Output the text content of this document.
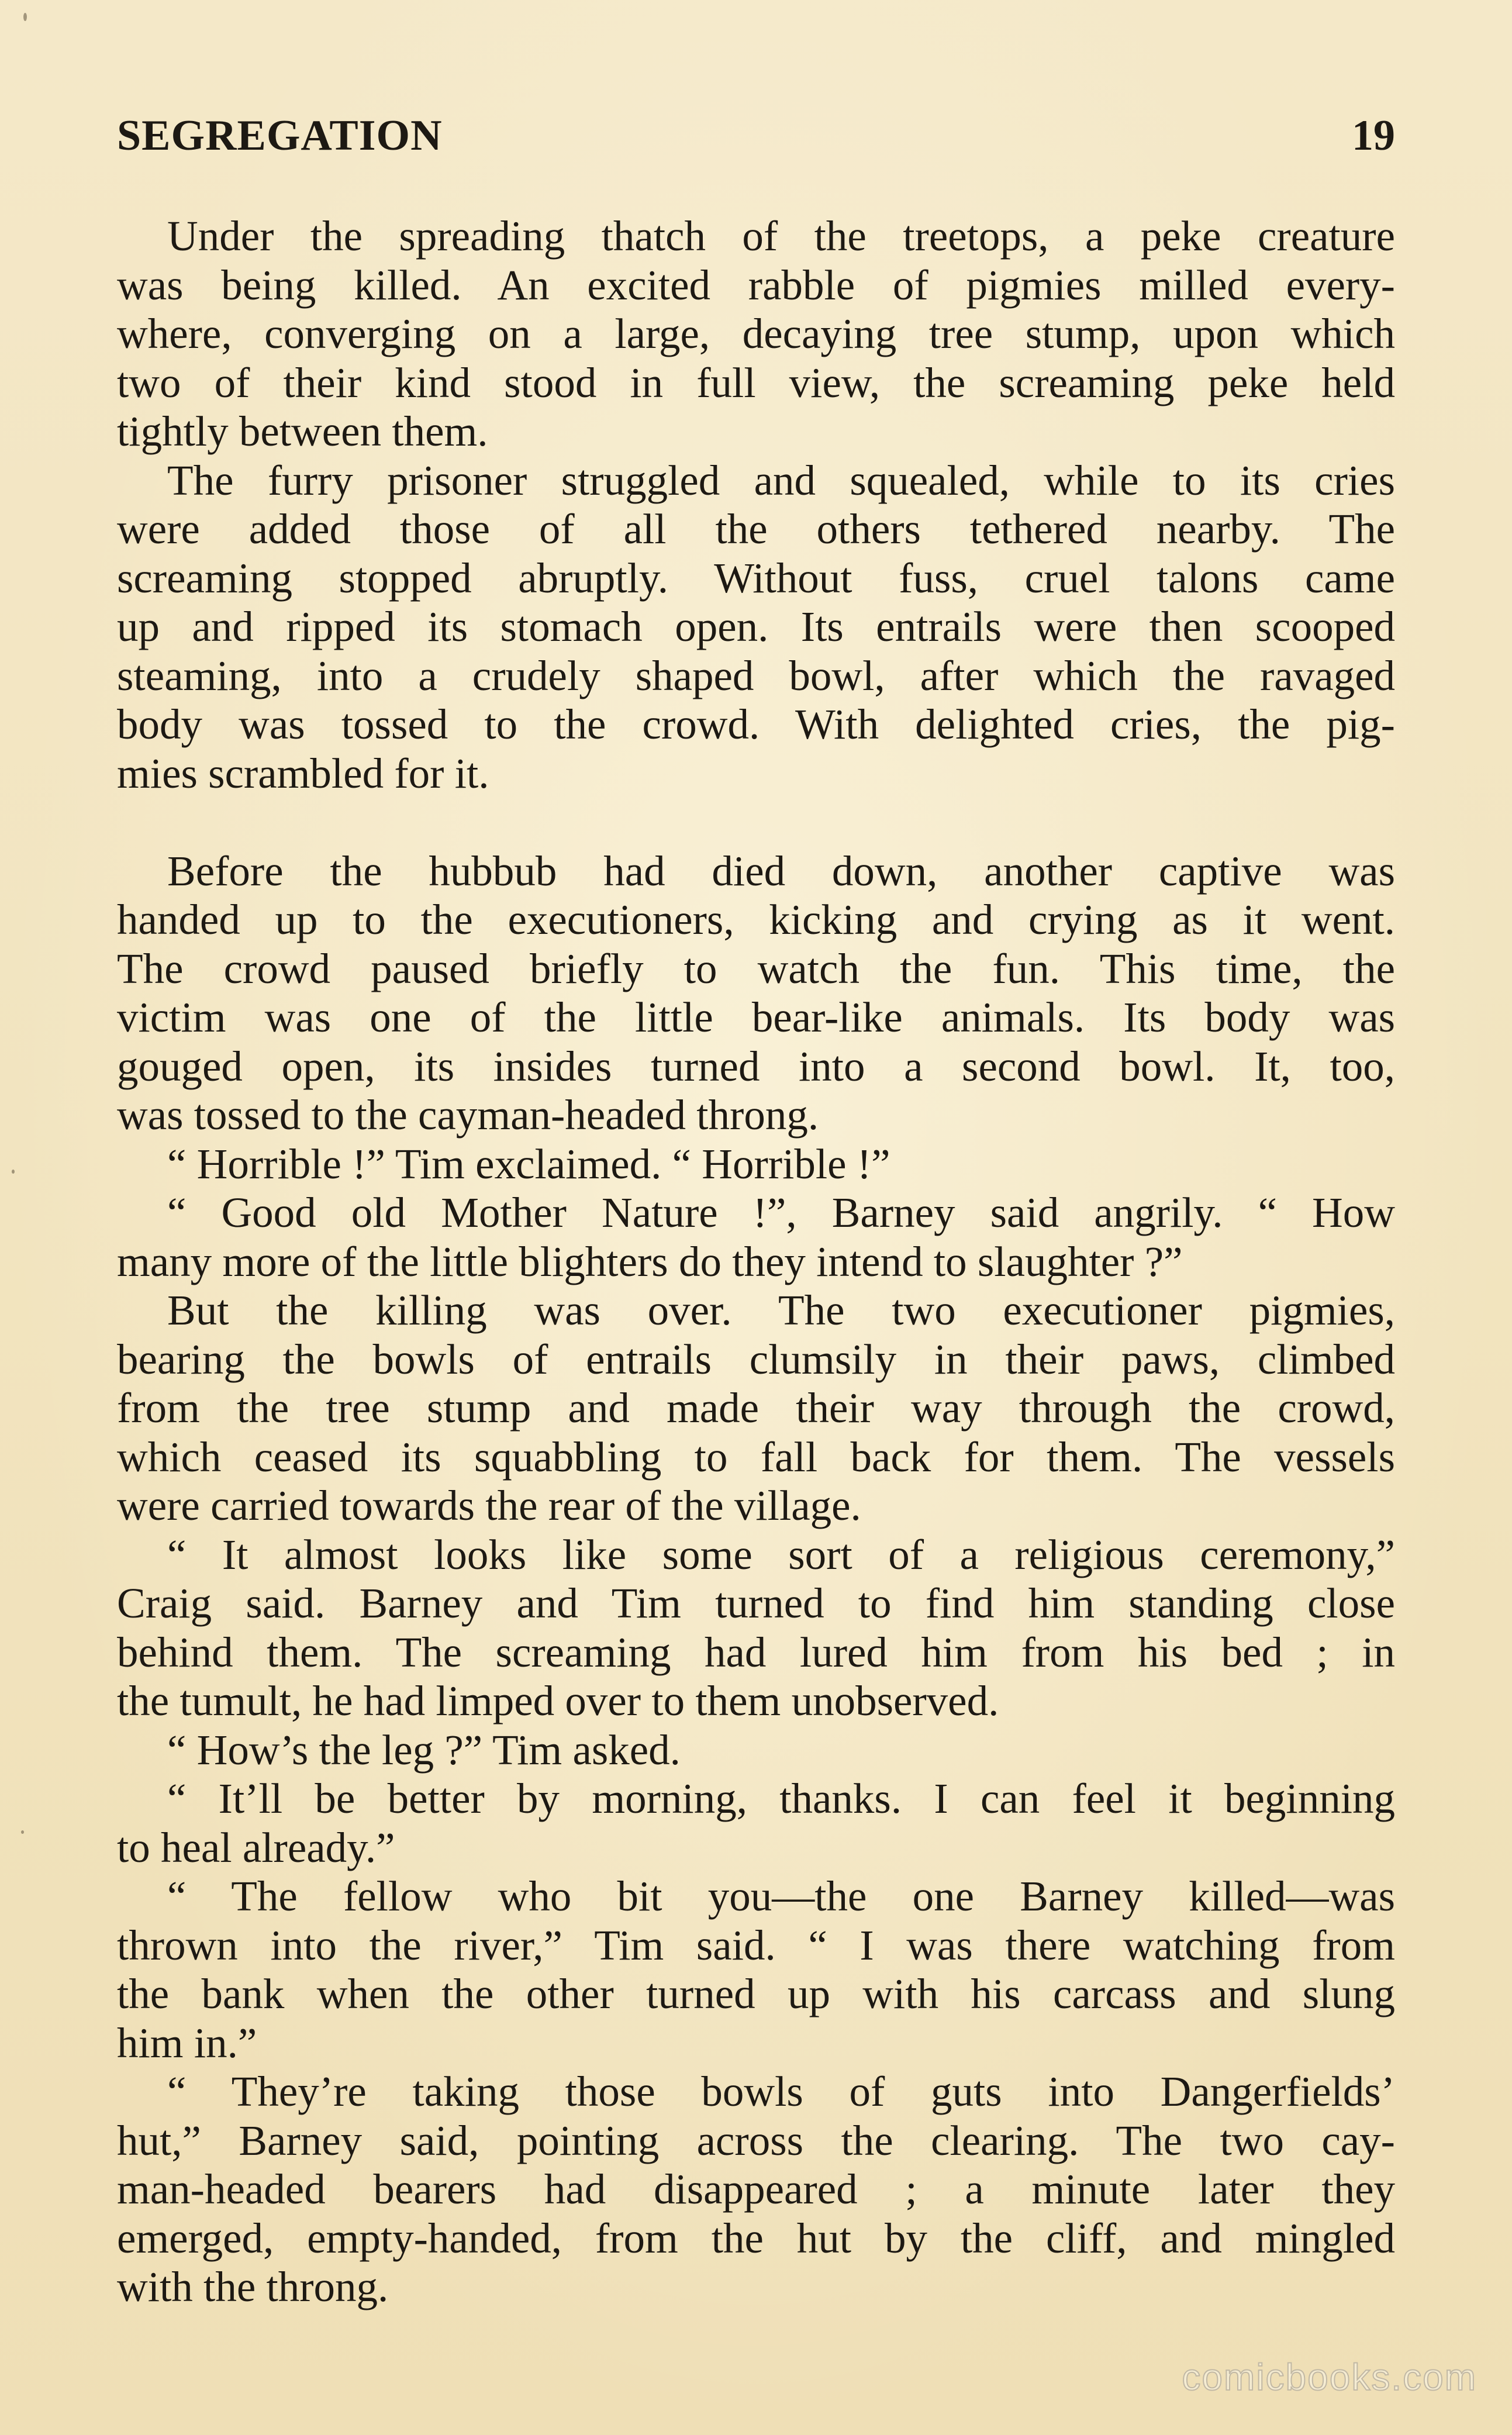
SEGREGATION	19
Under the spreading thatch of the treetops, a peke creature
was being killed. An excited rabble of pigmies milled every-
where, converging on a large, decaying tree stump, upon which
two of their kind stood in full view, the screaming peke held
tightly between them.
The furry prisoner struggled and squealed, while to its cries
were added those of all the others tethered nearby. The
screaming stopped abruptly. Without fuss, cruel talons came
up and ripped its stomach open. Its entrails were then scooped
steaming, into a crudely shaped bowl, after which the ravaged
body was tossed to the crowd. With delighted cries, the pig-
mies scrambled for it.
Before the hubbub had died down, another captive was
handed up to the executioners, kicking and crying as it went.
The crowd paused briefly to watch the fun. This time, the
victim was one of the little bear-like animals. Its body was
gouged open, its insides turned into a second bowl. It, too,
was tossed to the cayman-headed throng.
“ Horrible !” Tim exclaimed. “ Horrible !”
“ Good old Mother Nature !”, Barney said angrily. “ How
many more of the little blighters do they intend to slaughter ?”
But the killing was over. The two executioner pigmies,
bearing the bowls of entrails clumsily in their paws, climbed
from the tree stump and made their way through the crowd,
which ceased its squabbling to fall back for them. The vessels
were carried towards the rear of the village.
“ It almost looks like some sort of a religious ceremony,”
Craig said. Barney and Tim turned to find him standing close
behind them. The screaming had lured him from his bed ; in
the tumult, he had limped over to them unobserved.
“ How’s the leg ?” Tim asked.
“ It’ll be better by morning, thanks. I can feel it beginning
to heal already.”
“ The fellow who bit you—the one Barney killed—was
thrown into the river,” Tim said. “ I was there watching from
the bank when the other turned up with his carcass and slung
him in.”
“ They’re taking those bowls of guts into Dangerfields’
hut,” Barney said, pointing across the clearing. The two cay-
man-headed bearers had disappeared ; a minute later they
emerged, empty-handed, from the hut by the cliff, and mingled
with the throng.
comicbooks.com
